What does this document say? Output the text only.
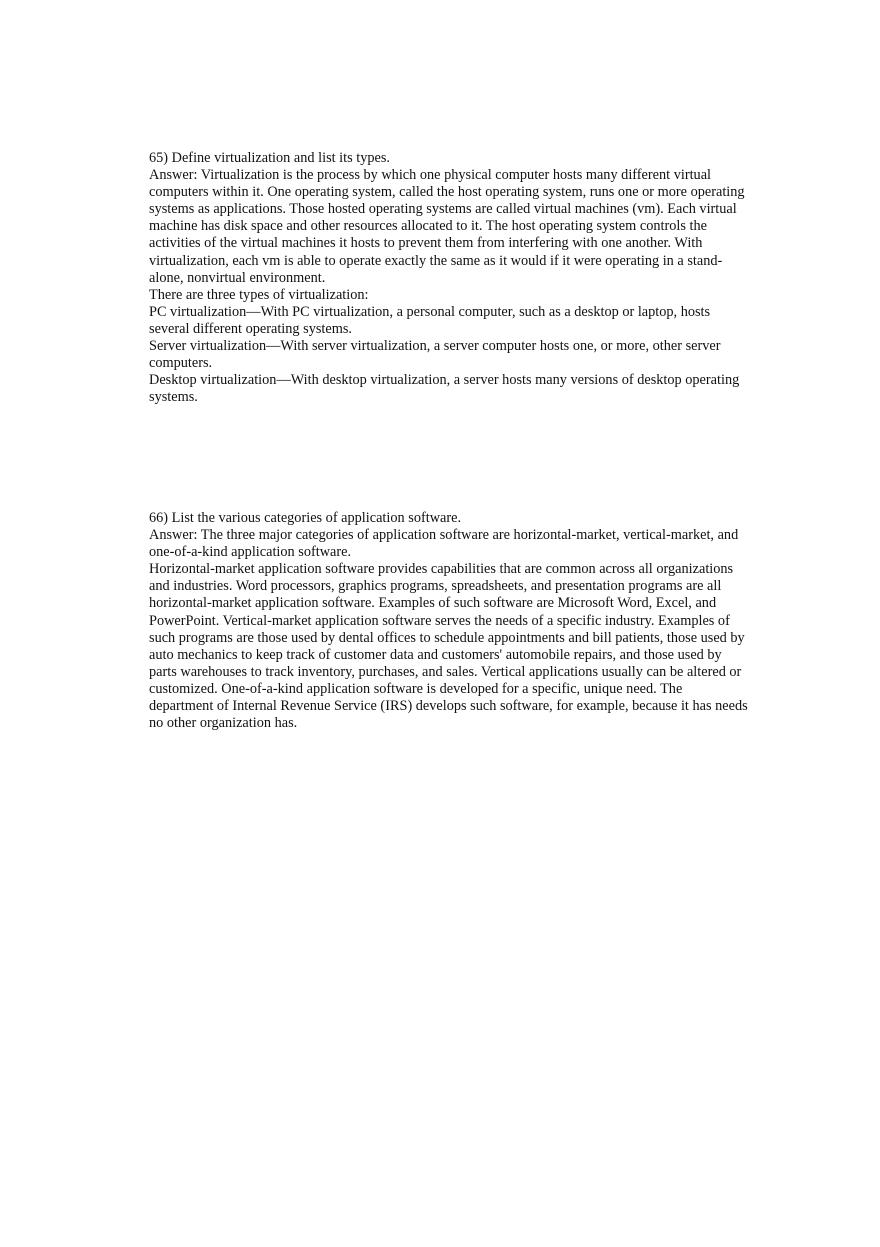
65) Define virtualization and list its types.

Answer: Virtualization is the process by which one physical computer hosts many different virtual computers within it. One operating system, called the host operating system, runs one or more operating systems as applications. Those hosted operating systems are called virtual machines (vm). Each virtual machine has disk space and other resources allocated to it. The host operating system controls the activities of the virtual machines it hosts to prevent them from interfering with one another. With virtualization, each vm is able to operate exactly the same as it would if it were operating in a stand-alone, nonvirtual environment.

There are three types of virtualization:

PC virtualization—With PC virtualization, a personal computer, such as a desktop or laptop, hosts several different operating systems.

Server virtualization—With server virtualization, a server computer hosts one, or more, other server computers.

Desktop virtualization—With desktop virtualization, a server hosts many versions of desktop operating systems.

66) List the various categories of application software.

Answer: The three major categories of application software are horizontal-market, vertical-market, and one-of-a-kind application software.

Horizontal-market application software provides capabilities that are common across all organizations and industries. Word processors, graphics programs, spreadsheets, and presentation programs are all horizontal-market application software. Examples of such software are Microsoft Word, Excel, and PowerPoint. Vertical-market application software serves the needs of a specific industry. Examples of such programs are those used by dental offices to schedule appointments and bill patients, those used by auto mechanics to keep track of customer data and customers' automobile repairs, and those used by parts warehouses to track inventory, purchases, and sales. Vertical applications usually can be altered or customized. One-of-a-kind application software is developed for a specific, unique need. The department of Internal Revenue Service (IRS) develops such software, for example, because it has needs no other organization has.
